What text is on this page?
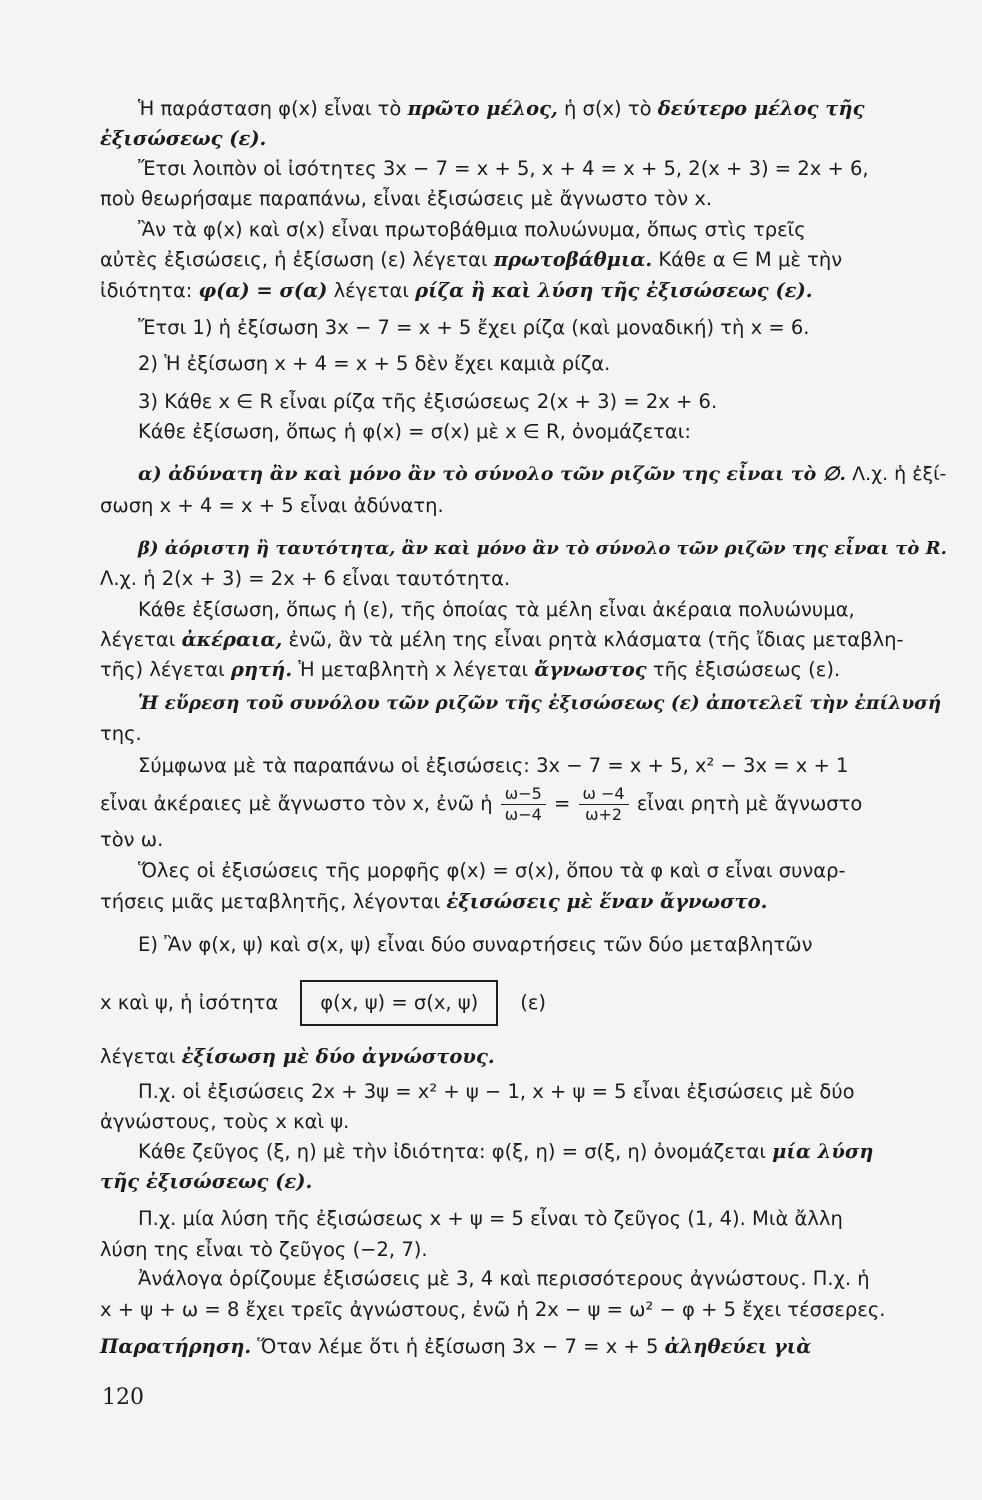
Ἡ παράσταση φ(x) εἶναι τὸ πρῶτο μέλος, ἡ σ(x) τὸ δεύτερο μέλος τῆς
ἐξισώσεως (ε).
Ἔτσι λοιπὸν οἱ ἰσότητες 3x − 7 = x + 5, x + 4 = x + 5, 2(x + 3) = 2x + 6,
ποὺ θεωρήσαμε παραπάνω, εἶναι ἐξισώσεις μὲ ἄγνωστο τὸν x.
Ἂν τὰ φ(x) καὶ σ(x) εἶναι πρωτοβάθμια πολυώνυμα, ὅπως στὶς τρεῖς
αὐτὲς ἐξισώσεις, ἡ ἐξίσωση (ε) λέγεται πρωτοβάθμια. Κάθε α ∈ M μὲ τὴν
ἰδιότητα: φ(α) = σ(α) λέγεται ρίζα ἢ καὶ λύση τῆς ἐξισώσεως (ε).
Ἔτσι 1) ἡ ἐξίσωση 3x − 7 = x + 5 ἔχει ρίζα (καὶ μοναδική) τὴ x = 6.
2) Ἡ ἐξίσωση x + 4 = x + 5 δὲν ἔχει καμιὰ ρίζα.
3) Κάθε x ∈ R εἶναι ρίζα τῆς ἐξισώσεως 2(x + 3) = 2x + 6.
Κάθε ἐξίσωση, ὅπως ἡ φ(x) = σ(x) μὲ x ∈ R, ὀνομάζεται:
α) ἀδύνατη ἂν καὶ μόνο ἂν τὸ σύνολο τῶν ριζῶν της εἶναι τὸ ∅. Λ.χ. ἡ ἐξί-
σωση x + 4 = x + 5 εἶναι ἀδύνατη.
β) ἀόριστη ἢ ταυτότητα, ἂν καὶ μόνο ἂν τὸ σύνολο τῶν ριζῶν της εἶναι τὸ R.
Λ.χ. ἡ 2(x + 3) = 2x + 6 εἶναι ταυτότητα.
Κάθε ἐξίσωση, ὅπως ἡ (ε), τῆς ὁποίας τὰ μέλη εἶναι ἀκέραια πολυώνυμα,
λέγεται ἀκέραια, ἐνῶ, ἂν τὰ μέλη της εἶναι ρητὰ κλάσματα (τῆς ἴδιας μεταβλη-
τῆς) λέγεται ρητή. Ἡ μεταβλητὴ x λέγεται ἄγνωστος τῆς ἐξισώσεως (ε).
Ἡ εὕρεση τοῦ συνόλου τῶν ριζῶν τῆς ἐξισώσεως (ε) ἀποτελεῖ τὴν ἐπίλυσή
της.
Σύμφωνα μὲ τὰ παραπάνω οἱ ἐξισώσεις: 3x − 7 = x + 5, x² − 3x = x + 1
εἶναι ἀκέραιες μὲ ἄγνωστο τὸν x, ἐνῶ ἡ $\frac{\omega-5}{\omega-4} = \frac{\omega -4}{\omega+2}$ εἶναι ρητὴ μὲ ἄγνωστο
τὸν ω.
Ὅλες οἱ ἐξισώσεις τῆς μορφῆς φ(x) = σ(x), ὅπου τὰ φ καὶ σ εἶναι συναρ-
τήσεις μιᾶς μεταβλητῆς, λέγονται ἐξισώσεις μὲ ἕναν ἄγνωστο.
Ε) Ἂν φ(x, ψ) καὶ σ(x, ψ) εἶναι δύο συναρτήσεις τῶν δύο μεταβλητῶν
x καὶ ψ, ἡ ἰσότητα φ(x, ψ) = σ(x, ψ) (ε)
λέγεται ἐξίσωση μὲ δύο ἀγνώστους.
Π.χ. οἱ ἐξισώσεις 2x + 3ψ = x² + ψ − 1, x + ψ = 5 εἶναι ἐξισώσεις μὲ δύο
ἀγνώστους, τοὺς x καὶ ψ.
Κάθε ζεῦγος (ξ, η) μὲ τὴν ἰδιότητα: φ(ξ, η) = σ(ξ, η) ὀνομάζεται μία λύση
τῆς ἐξισώσεως (ε).
Π.χ. μία λύση τῆς ἐξισώσεως x + ψ = 5 εἶναι τὸ ζεῦγος (1, 4). Μιὰ ἄλλη
λύση της εἶναι τὸ ζεῦγος (−2, 7).
Ἀνάλογα ὁρίζουμε ἐξισώσεις μὲ 3, 4 καὶ περισσότερους ἀγνώστους. Π.χ. ἡ
x + ψ + ω = 8 ἔχει τρεῖς ἀγνώστους, ἐνῶ ἡ 2x − ψ = ω² − φ + 5 ἔχει τέσσερες.
Παρατήρηση. Ὅταν λέμε ὅτι ἡ ἐξίσωση 3x − 7 = x + 5 ἀληθεύει γιὰ
120
